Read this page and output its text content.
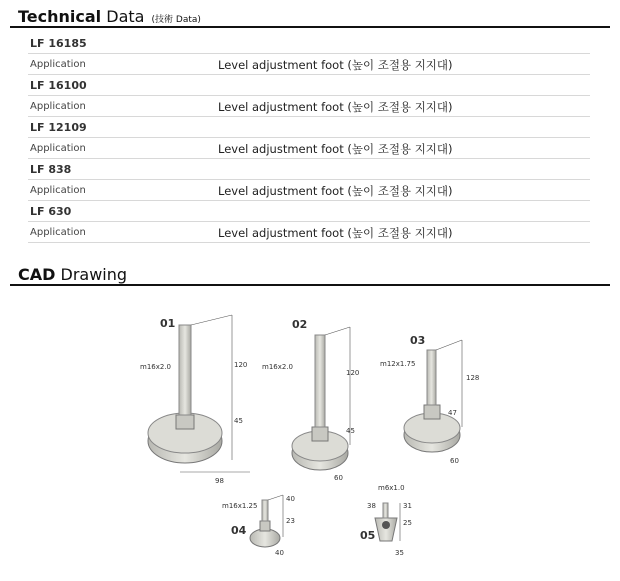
Technical Data (技術 Data)
LF 16185
Application	Level adjustment foot (높이 조절용 지지대)
LF 16100
Application	Level adjustment foot (높이 조절용 지지대)
LF 12109
Application	Level adjustment foot (높이 조절용 지지대)
LF 838
Application	Level adjustment foot (높이 조절용 지지대)
LF 630
Application	Level adjustment foot (높이 조절용 지지대)
CAD Drawing
01
m16x2.0	120
45
98
02
m16x2.0
120
45
60
03
m12x1.75
128
47
60
04
m16x1.25
40
23
40
05
m6x1.0
38	31
25
35
